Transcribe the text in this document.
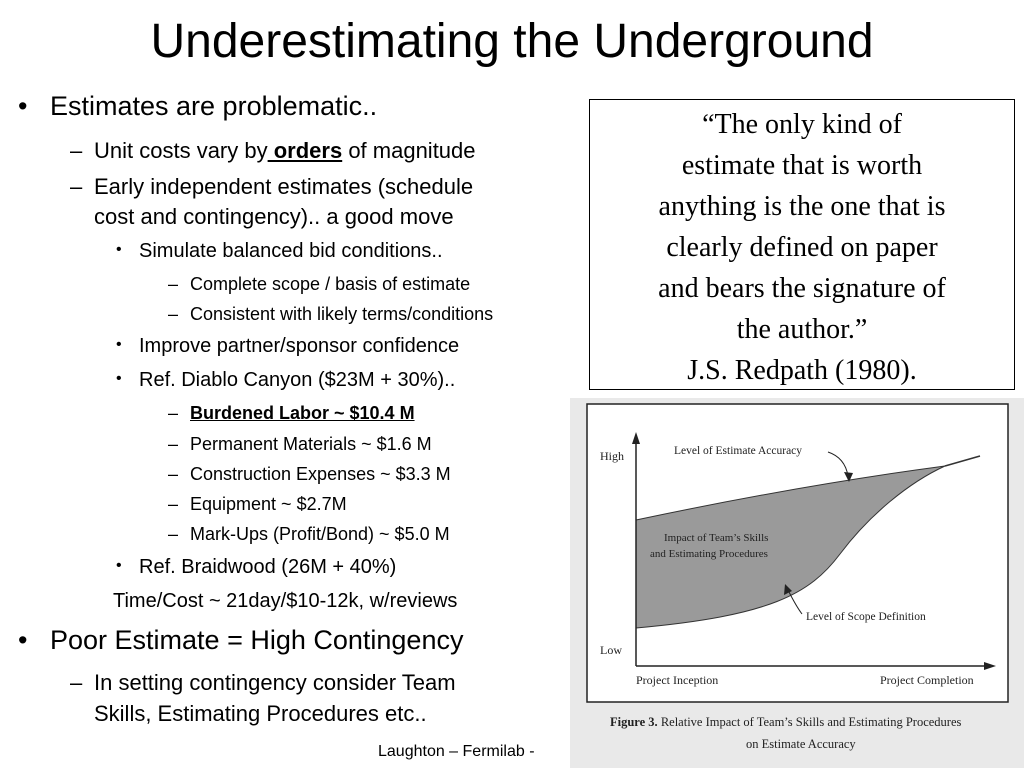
Underestimating the Underground
• Estimates are problematic..
– Unit costs vary by orders of magnitude
– Early independent estimates (schedule
cost and contingency).. a good move
• Simulate balanced bid conditions..
– Complete scope / basis of estimate
– Consistent with likely terms/conditions
• Improve partner/sponsor confidence
• Ref. Diablo Canyon ($23M + 30%)..
– Burdened Labor ~ $10.4 M
– Permanent Materials ~ $1.6 M
– Construction Expenses ~ $3.3 M
– Equipment ~ $2.7M
– Mark-Ups (Profit/Bond) ~ $5.0 M
• Ref. Braidwood (26M + 40%)
Time/Cost ~ 21day/$10-12k, w/reviews
• Poor Estimate = High Contingency
– In setting contingency consider Team
Skills, Estimating Procedures etc..
“The only kind of
estimate that is worth
anything is the one that is
clearly defined on paper
and bears the signature of
the author.”
J.S. Redpath (1980).
High
Low
Project Inception	Project Completion
Level of Estimate Accuracy
Impact of Team’s Skills
and Estimating Procedures
Level of Scope Definition
Figure 3. Relative Impact of Team’s Skills and Estimating Procedures
on Estimate Accuracy
Laughton – Fermilab -
